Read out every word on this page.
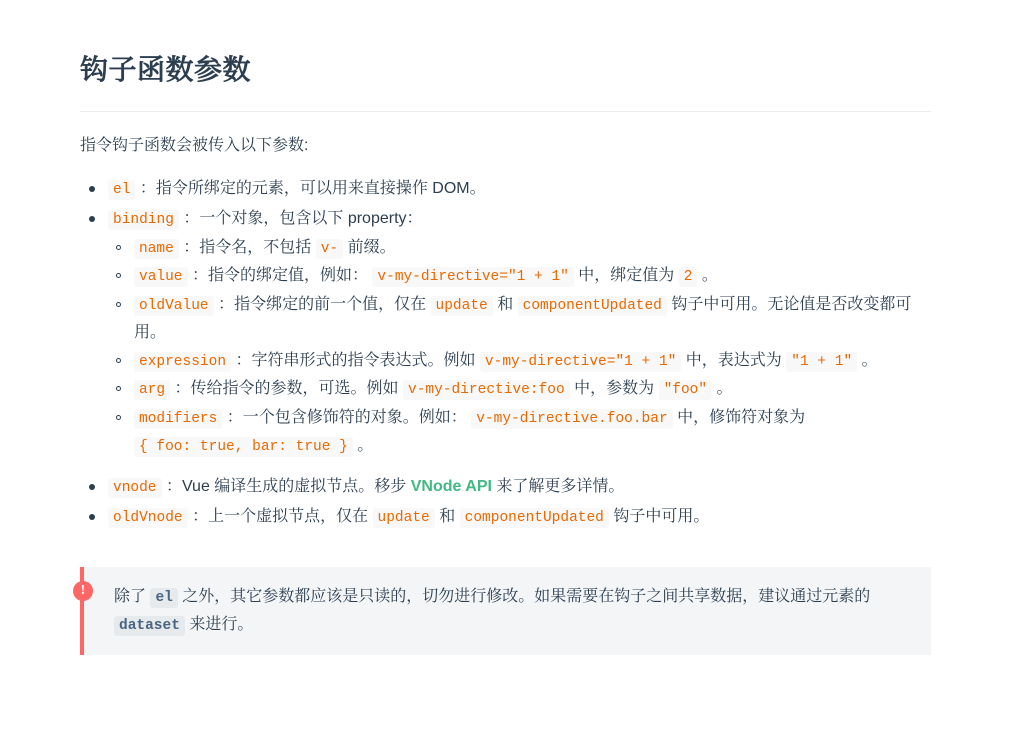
钩子函数参数

指令钩子函数会被传入以下参数:

el ：指令所绑定的元素，可以用来直接操作 DOM。
binding ：一个对象，包含以下 property：
name ：指令名，不包括 v- 前缀。
value ：指令的绑定值，例如： v-my-directive="1 + 1" 中，绑定值为 2 。
oldValue ：指令绑定的前一个值，仅在 update 和 componentUpdated 钩子中可用。无论值是否改变都可用。
expression ：字符串形式的指令表达式。例如 v-my-directive="1 + 1" 中，表达式为 "1 + 1" 。
arg ：传给指令的参数，可选。例如 v-my-directive:foo 中，参数为 "foo" 。
modifiers ：一个包含修饰符的对象。例如： v-my-directive.foo.bar 中，修饰符对象为 { foo: true, bar: true } 。
vnode ：Vue 编译生成的虚拟节点。移步 VNode API 来了解更多详情。
oldVnode ：上一个虚拟节点，仅在 update 和 componentUpdated 钩子中可用。
!	除了 el 之外，其它参数都应该是只读的，切勿进行修改。如果需要在钩子之间共享数据，建议通过元素的 dataset 来进行。
